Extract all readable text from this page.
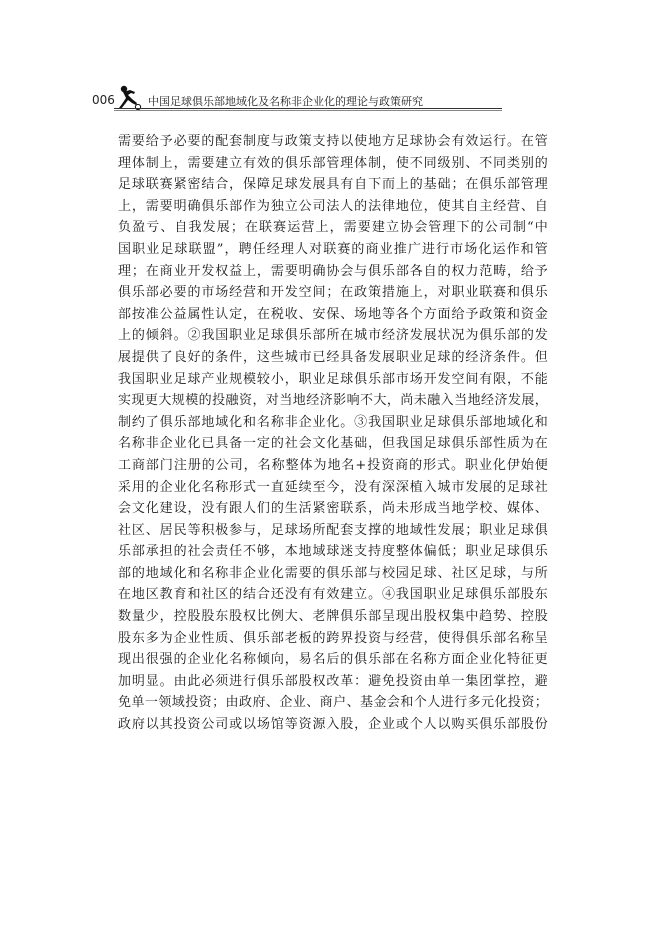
006	中国足球俱乐部地域化及名称非企业化的理论与政策研究
需要给予必要的配套制度与政策支持以使地方足球协会有效运行。在管
理体制上，需要建立有效的俱乐部管理体制，使不同级别、不同类别的
足球联赛紧密结合，保障足球发展具有自下而上的基础；在俱乐部管理
上，需要明确俱乐部作为独立公司法人的法律地位，使其自主经营、自
负盈亏、自我发展；在联赛运营上，需要建立协会管理下的公司制“中
国职业足球联盟”，聘任经理人对联赛的商业推广进行市场化运作和管
理；在商业开发权益上，需要明确协会与俱乐部各自的权力范畴，给予
俱乐部必要的市场经营和开发空间；在政策措施上，对职业联赛和俱乐
部按准公益属性认定，在税收、安保、场地等各个方面给予政策和资金
上的倾斜。②我国职业足球俱乐部所在城市经济发展状况为俱乐部的发
展提供了良好的条件，这些城市已经具备发展职业足球的经济条件。但
我国职业足球产业规模较小，职业足球俱乐部市场开发空间有限，不能
实现更大规模的投融资，对当地经济影响不大，尚未融入当地经济发展，
制约了俱乐部地域化和名称非企业化。③我国职业足球俱乐部地域化和
名称非企业化已具备一定的社会文化基础，但我国足球俱乐部性质为在
工商部门注册的公司，名称整体为地名+投资商的形式。职业化伊始便
采用的企业化名称形式一直延续至今，没有深深植入城市发展的足球社
会文化建设，没有跟人们的生活紧密联系，尚未形成当地学校、媒体、
社区、居民等积极参与，足球场所配套支撑的地域性发展；职业足球俱
乐部承担的社会责任不够，本地域球迷支持度整体偏低；职业足球俱乐
部的地域化和名称非企业化需要的俱乐部与校园足球、社区足球，与所
在地区教育和社区的结合还没有有效建立。④我国职业足球俱乐部股东
数量少，控股股东股权比例大、老牌俱乐部呈现出股权集中趋势、控股
股东多为企业性质、俱乐部老板的跨界投资与经营，使得俱乐部名称呈
现出很强的企业化名称倾向，易名后的俱乐部在名称方面企业化特征更
加明显。由此必须进行俱乐部股权改革：避免投资由单一集团掌控，避
免单一领域投资；由政府、企业、商户、基金会和个人进行多元化投资；
政府以其投资公司或以场馆等资源入股，企业或个人以购买俱乐部股份
